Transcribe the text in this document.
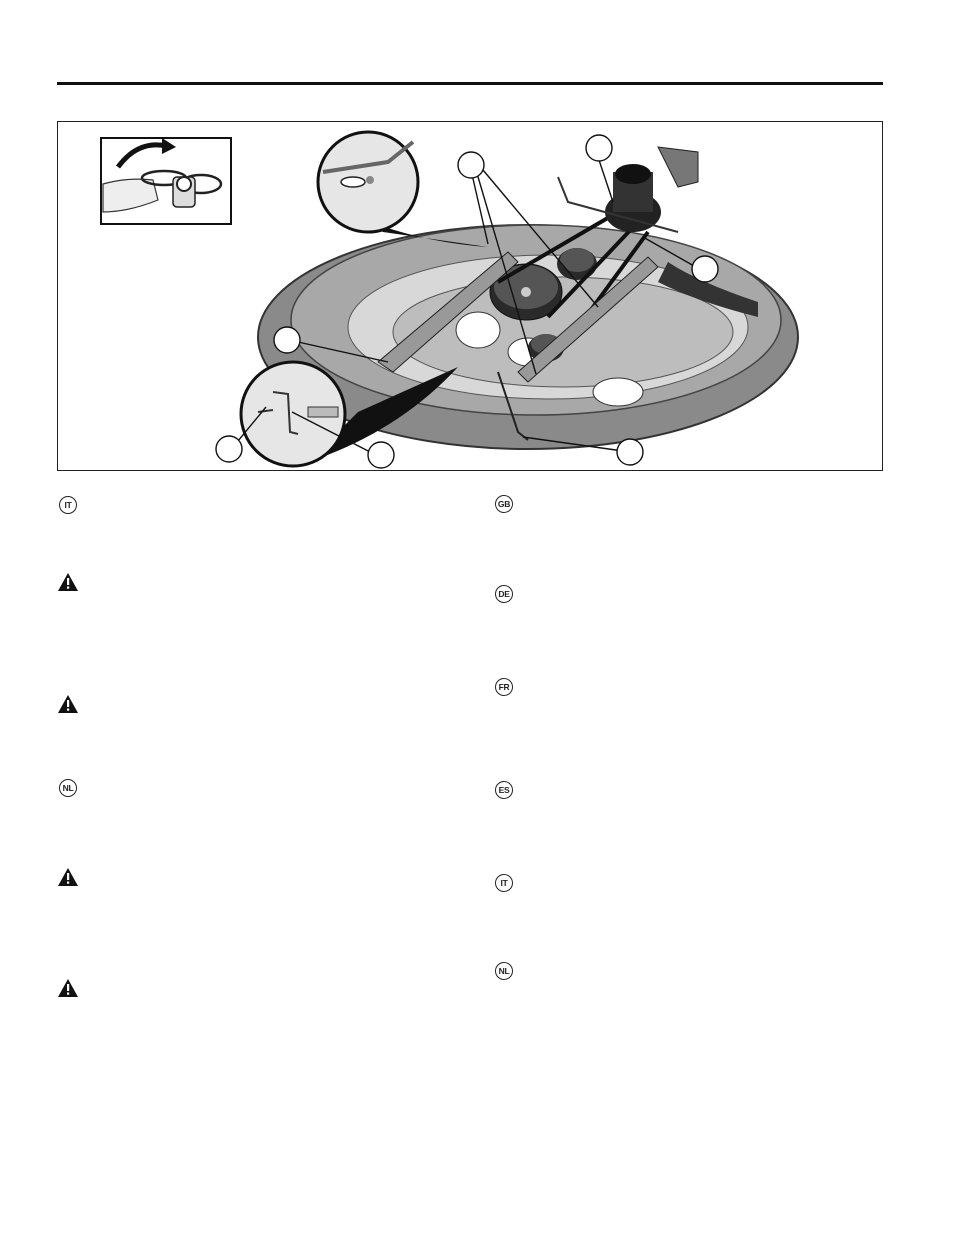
IT
NL
GB
DE
FR
ES
IT
NL
